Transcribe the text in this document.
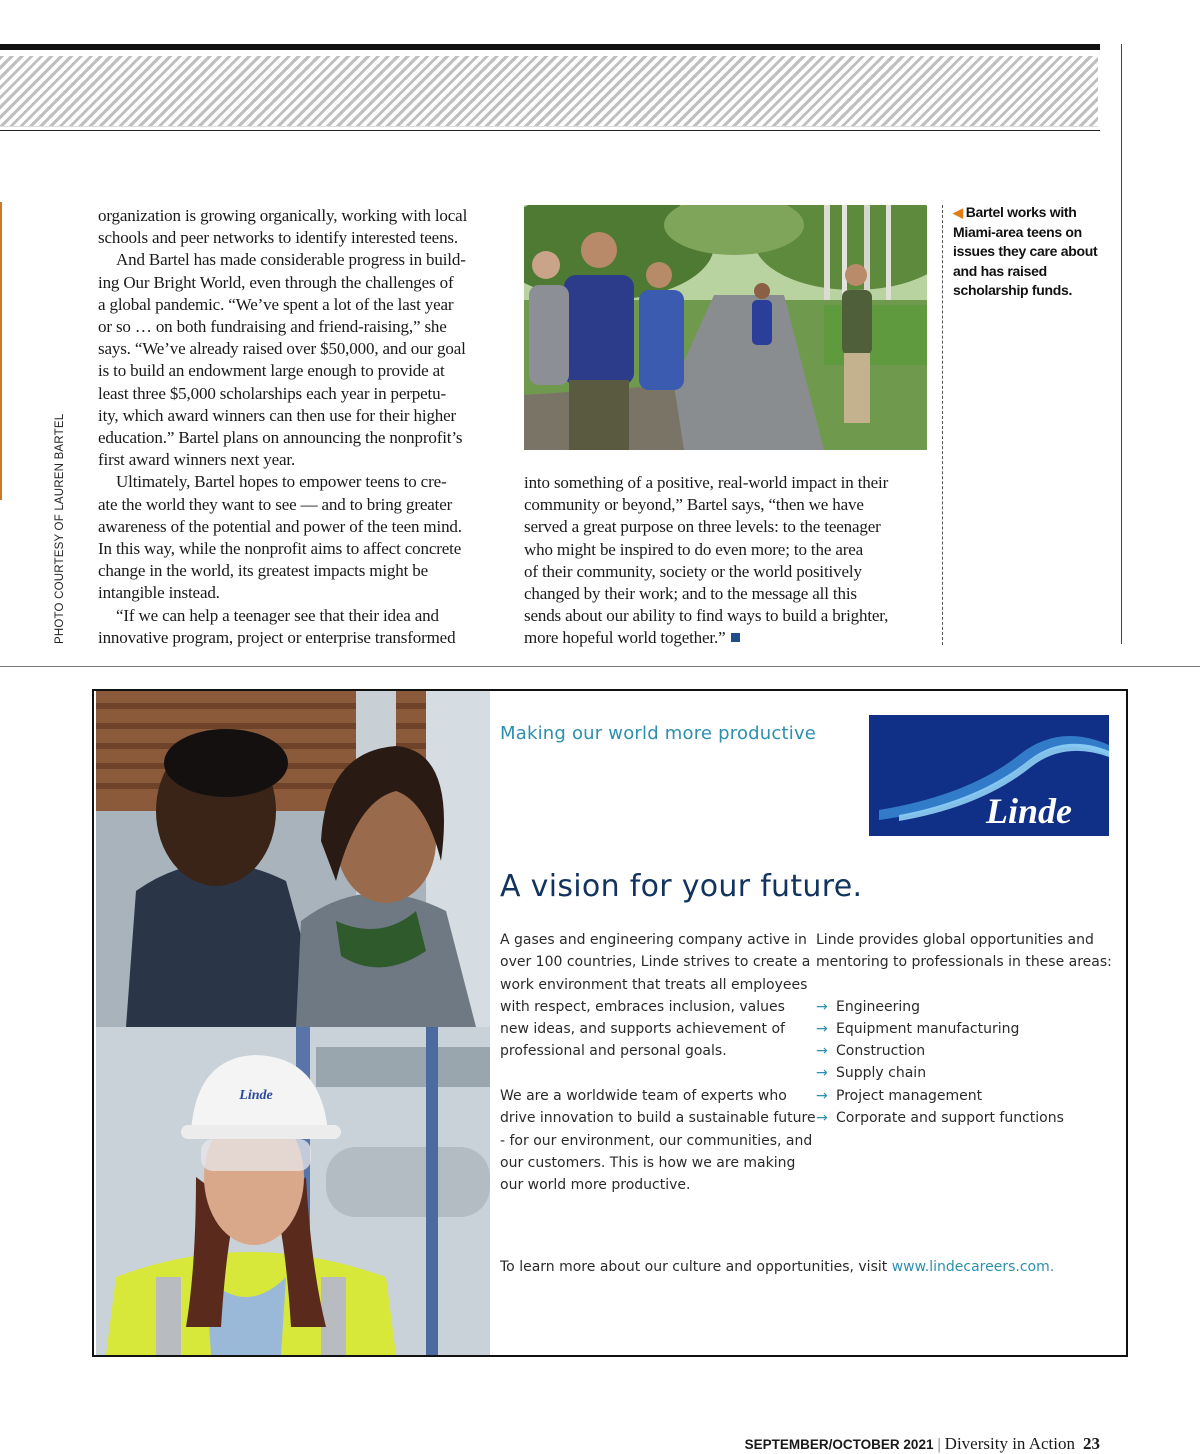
PHOTO COURTESY OF LAUREN BARTEL

organization is growing organically, working with local

schools and peer networks to identify interested teens.

And Bartel has made considerable progress in build-

ing Our Bright World, even through the challenges of

a global pandemic. “We’ve spent a lot of the last year

or so … on both fundraising and friend-raising,” she

says. “We’ve already raised over $50,000, and our goal

is to build an endowment large enough to provide at

least three $5,000 scholarships each year in perpetu-

ity, which award winners can then use for their higher

education.” Bartel plans on announcing the nonprofit’s

first award winners next year.

Ultimately, Bartel hopes to empower teens to cre-

ate the world they want to see — and to bring greater

awareness of the potential and power of the teen mind.

In this way, while the nonprofit aims to affect concrete

change in the world, its greatest impacts might be

intangible instead.

“If we can help a teenager see that their idea and

innovative program, project or enterprise transformed

into something of a positive, real-world impact in their

community or beyond,” Bartel says, “then we have

served a great purpose on three levels: to the teenager

who might be inspired to do even more; to the area

of their community, society or the world positively

changed by their work; and to the message all this

sends about our ability to find ways to build a brighter,

more hopeful world together.”

◀ Bartel works with Miami-area teens on issues they care about and has raised scholarship funds.
Linde
Making our world more productive
Linde
A vision for your future.

A gases and engineering company active in

over 100 countries, Linde strives to create a

work environment that treats all employees

with respect, embraces inclusion, values

new ideas, and supports achievement of

professional and personal goals.

We are a worldwide team of experts who

drive innovation to build a sustainable future

- for our environment, our communities, and

our customers. This is how we are making

our world more productive.

Linde provides global opportunities and

mentoring to professionals in these areas:

→ Engineering
→ Equipment manufacturing
→ Construction
→ Supply chain
→ Project management
→ Corporate and support functions
To learn more about our culture and opportunities, visit www.lindecareers.com.
SEPTEMBER/OCTOBER 2021 | Diversity in Action 23
